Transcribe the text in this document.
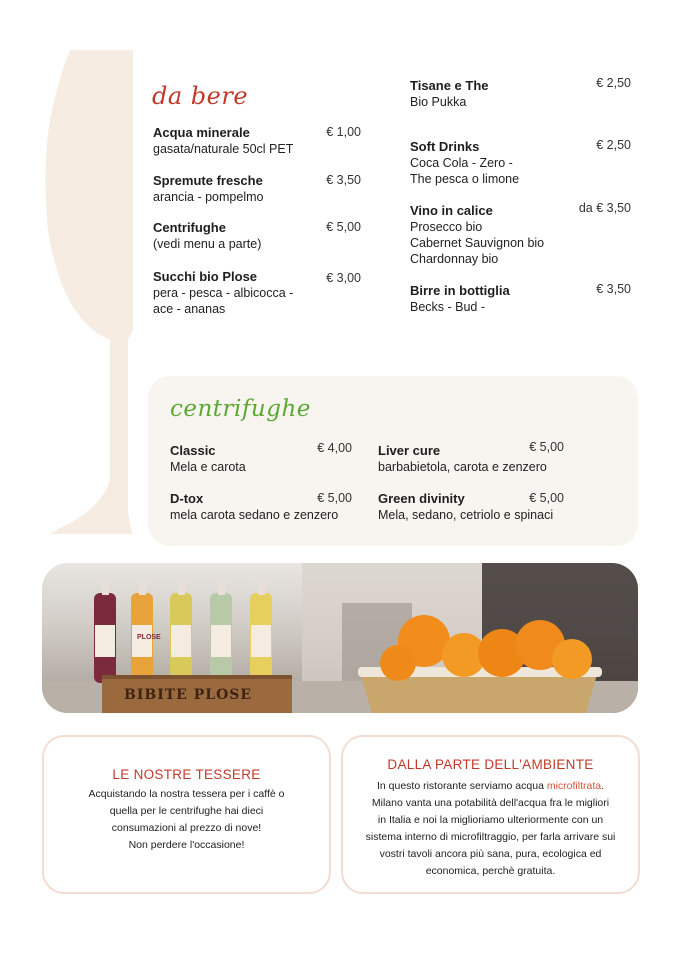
da bere
Acqua minerale
gasata/naturale 50cl PET
€ 1,00
Spremute fresche
arancia - pompelmo
€ 3,50
Centrifughe
(vedi menu a parte)
€ 5,00
Succhi bio Plose
pera - pesca - albicocca -
ace - ananas
€ 3,00
Tisane e The
Bio Pukka
€ 2,50
Soft Drinks
Coca Cola - Zero -
The pesca o limone
€ 2,50
Vino in calice
Prosecco bio
Cabernet Sauvignon bio
Chardonnay bio
da € 3,50
Birre in bottiglia
Becks - Bud -
€ 3,50
centrifughe
Classic
Mela e carota
€ 4,00 Liver cure
barbabietola, carota e zenzero
€ 5,00
D-tox
mela carota sedano e zenzero
€ 5,00 Green divinity
Mela, sedano, cetriolo e spinaci
€ 5,00
BIBITE PLOSE
PLOSE
LE NOSTRE TESSERE
Acquistando la nostra tessera per i caffè o
quella per le centrifughe hai dieci
consumazioni al prezzo di nove!
Non perdere l'occasione!
DALLA PARTE DELL'AMBIENTE
In questo ristorante serviamo acqua microfiltrata.
Milano vanta una potabilità dell'acqua fra le migliori
in Italia e noi la miglioriamo ulteriormente con un
sistema interno di microfiltraggio, per farla arrivare sui
vostri tavoli ancora più sana, pura, ecologica ed
economica, perchè gratuita.
